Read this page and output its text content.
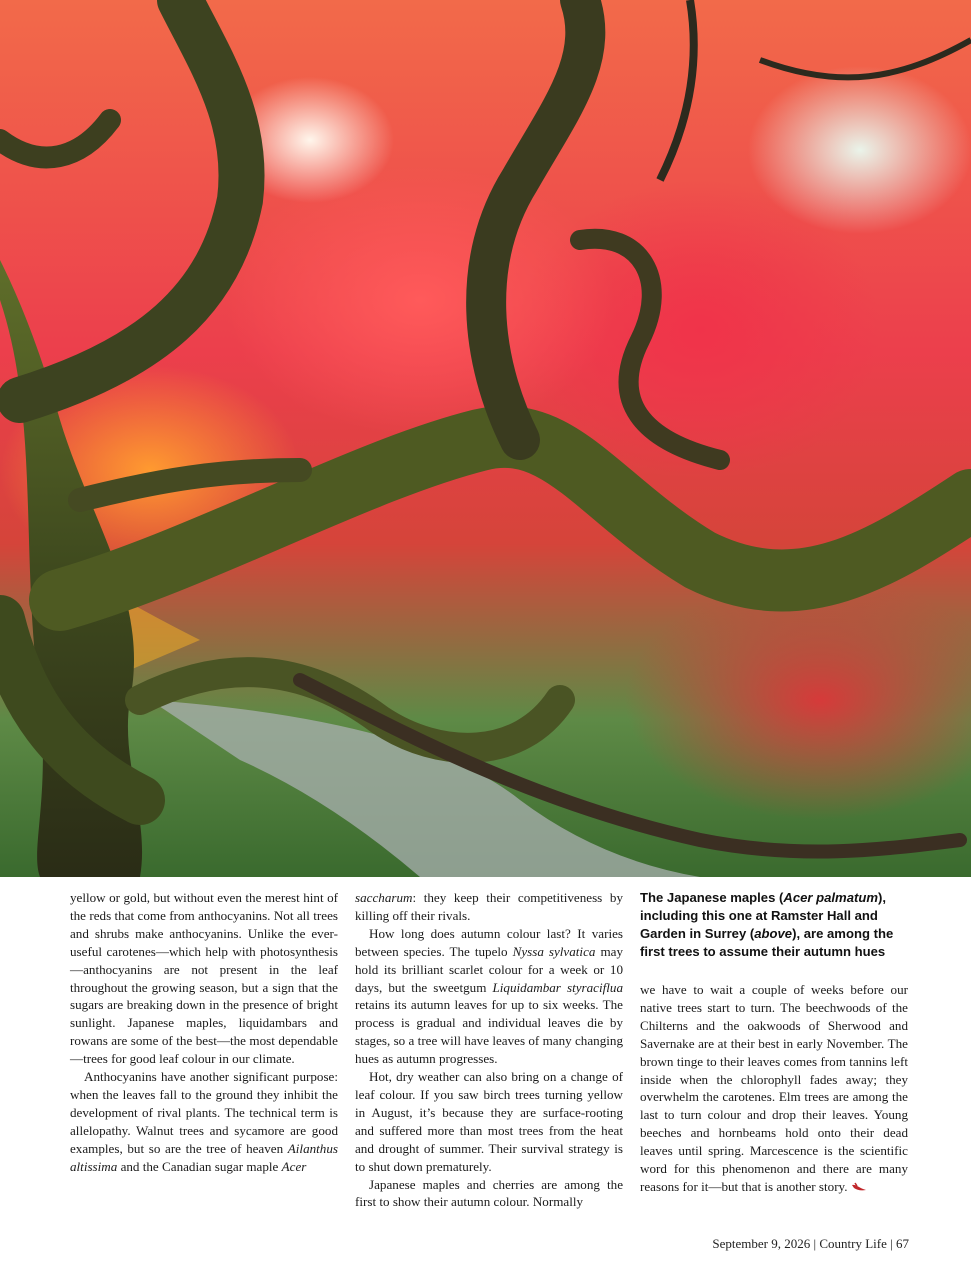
yellow or gold, but without even the merest hint of the reds that come from anthocyanins. Not all trees and shrubs make anthocyanins. Unlike the ever-useful carotenes—which help with photosynthesis—anthocyanins are not present in the leaf throughout the growing season, but a sign that the sugars are breaking down in the presence of bright sunlight. Japanese maples, liquidambars and rowans are some of the best—the most dependable —trees for good leaf colour in our climate.

Anthocyanins have another significant purpose: when the leaves fall to the ground they inhibit the development of rival plants. The technical term is allelopathy. Walnut trees and sycamore are good examples, but so are the tree of heaven Ailanthus altissima and the Canadian sugar maple Acer

saccharum: they keep their competitiveness by killing off their rivals.

How long does autumn colour last? It varies between species. The tupelo Nyssa sylvatica may hold its brilliant scarlet colour for a week or 10 days, but the sweetgum Liquidambar styraciflua retains its autumn leaves for up to six weeks. The process is gradual and individual leaves die by stages, so a tree will have leaves of many changing hues as autumn progresses.

Hot, dry weather can also bring on a change of leaf colour. If you saw birch trees turning yellow in August, it’s because they are surface-rooting and suffered more than most trees from the heat and drought of summer. Their survival strategy is to shut down prematurely.

Japanese maples and cherries are among the first to show their autumn colour. Normally

The Japanese maples (Acer palmatum), including this one at Ramster Hall and Garden in Surrey (above), are among the first trees to assume their autumn hues

we have to wait a couple of weeks before our native trees start to turn. The beechwoods of the Chilterns and the oakwoods of Sherwood and Savernake are at their best in early November. The brown tinge to their leaves comes from tannins left inside when the chlorophyll fades away; they overwhelm the carotenes. Elm trees are among the last to turn colour and drop their leaves. Young beeches and hornbeams hold onto their dead leaves until spring. Marcescence is the scientific word for this phenomenon and there are many reasons for it—but that is another story.

September 9, 2026 | Country Life | 67
